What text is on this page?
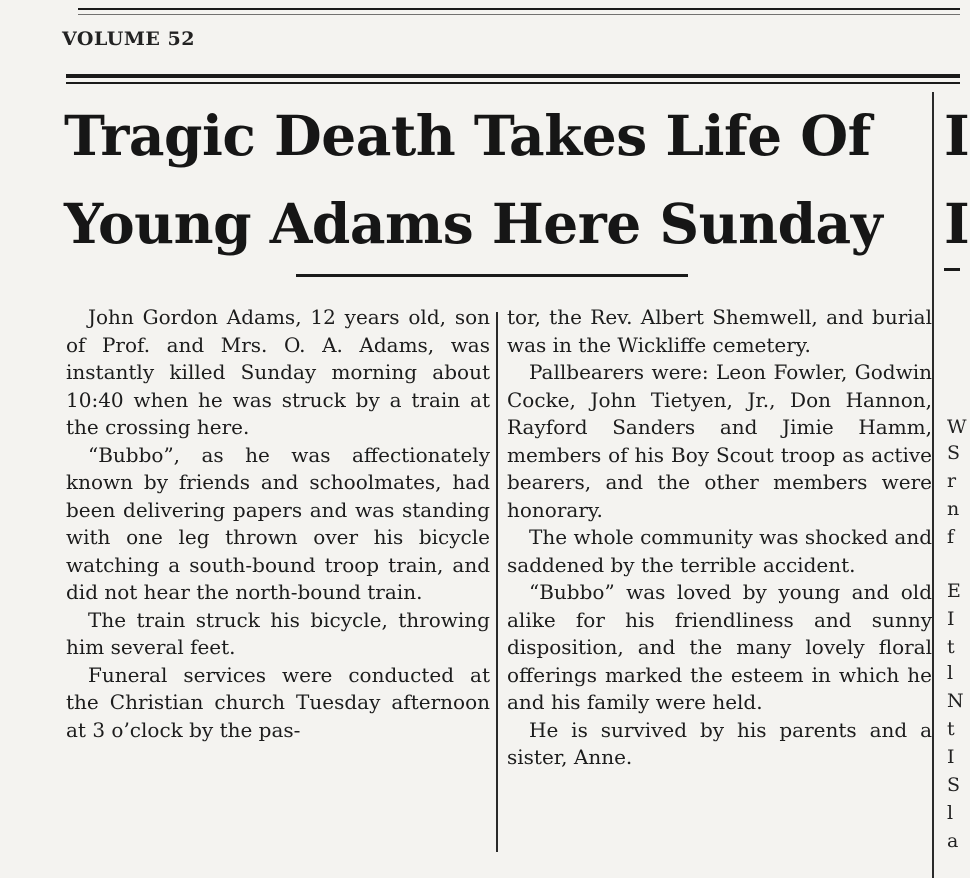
VOLUME 52
Tragic Death Takes Life Of
Young Adams Here Sunday

John Gordon Adams, 12 years old, son of Prof. and Mrs. O. A. Adams, was instantly killed Sunday morning about 10:40 when he was struck by a train at the crossing here.

“Bubbo”, as he was affectionately known by friends and schoolmates, had been delivering papers and was standing with one leg thrown over his bicycle watching a south-bound troop train, and did not hear the north-bound train.

The train struck his bicycle, throwing him several feet.

Funeral services were conducted at the Christian church Tuesday afternoon at 3 o’clock by the pas-

tor, the Rev. Albert Shemwell, and burial was in the Wickliffe cemetery.

Pallbearers were: Leon Fowler, Godwin Cocke, John Tietyen, Jr., Don Hannon, Rayford Sanders and Jimie Hamm, members of his Boy Scout troop as active bearers, and the other members were honorary.

The whole community was shocked and saddened by the terrible accident.

“Bubbo” was loved by young and old alike for his friendliness and sunny disposition, and the many lovely floral offerings marked the esteem in which he and his family were held.

He is survived by his parents and a sister, Anne.

I
I
W
S
r
n
f
E
I
t
l
N
t
I
S
l
a
